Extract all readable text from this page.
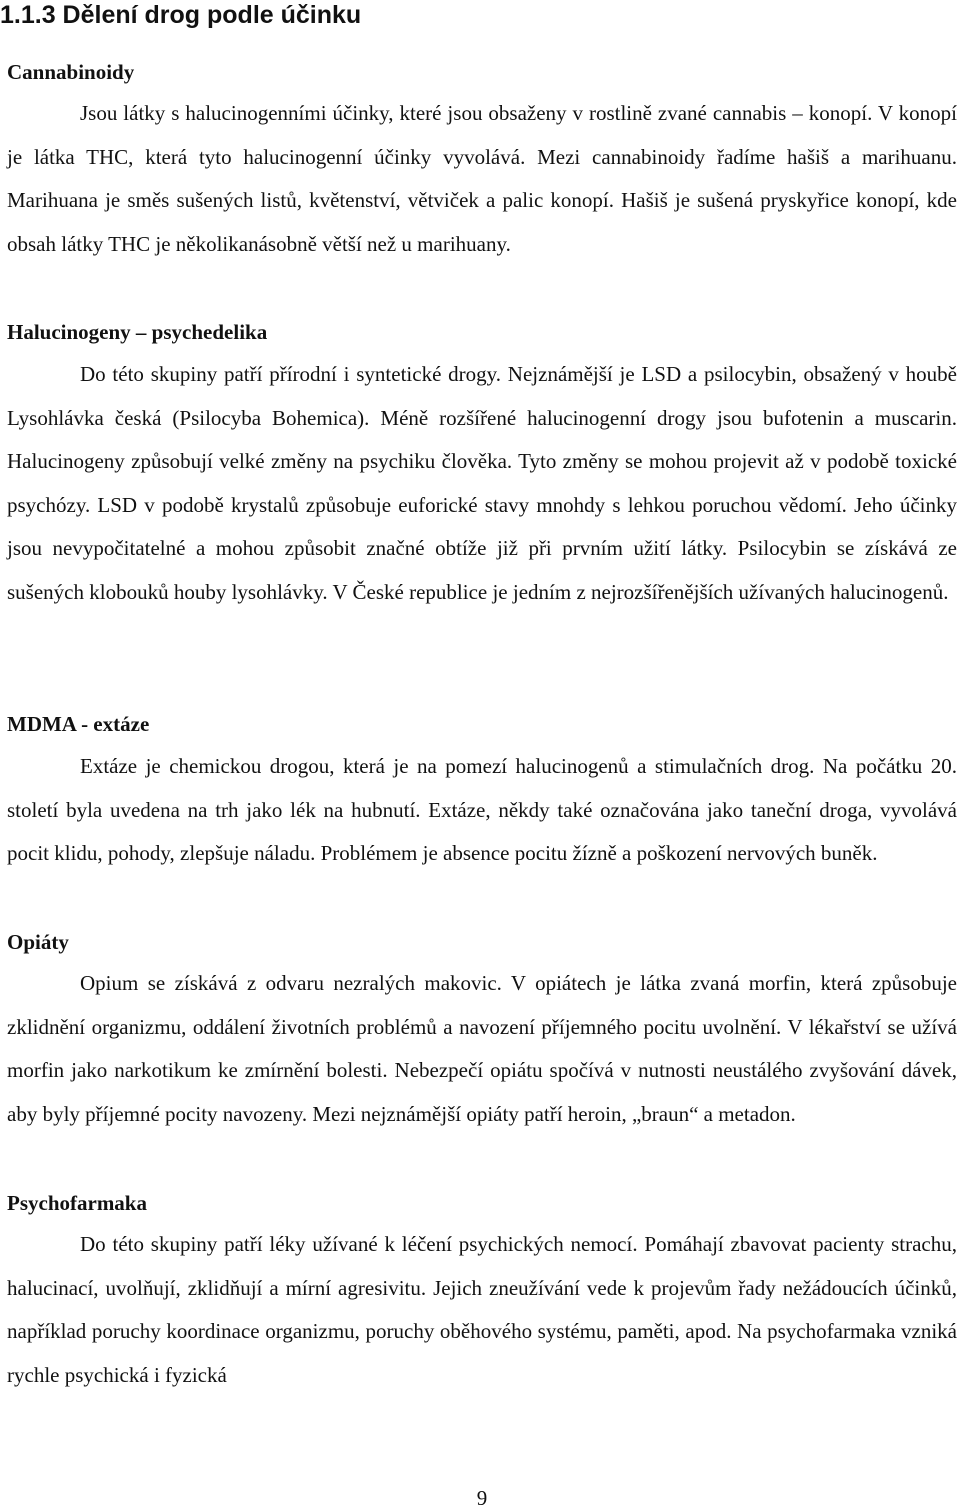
1.1.3 Dělení drog podle účinku
Cannabinoidy

Jsou látky s halucinogenními účinky, které jsou obsaženy v rostlině zvané cannabis – konopí. V konopí je látka THC, která tyto halucinogenní účinky vyvolává. Mezi cannabinoidy řadíme hašiš a marihuanu. Marihuana je směs sušených listů, květenství, větviček a palic konopí. Hašiš je sušená pryskyřice konopí, kde obsah látky THC je několikanásobně větší než u marihuany.

Halucinogeny – psychedelika

Do této skupiny patří přírodní i syntetické drogy. Nejznámější je LSD a psilocybin, obsažený v houbě Lysohlávka česká (Psilocyba Bohemica). Méně rozšířené halucinogenní drogy jsou bufotenin a muscarin. Halucinogeny způsobují velké změny na psychiku člověka. Tyto změny se mohou projevit až v podobě toxické psychózy. LSD v podobě krystalů způsobuje euforické stavy mnohdy s lehkou poruchou vědomí. Jeho účinky jsou nevypočitatelné a mohou způsobit značné obtíže již při prvním užití látky. Psilocybin se získává ze sušených klobouků houby lysohlávky. V České republice je jedním z nejrozšířenějších užívaných halucinogenů.

MDMA - extáze

Extáze je chemickou drogou, která je na pomezí halucinogenů a stimulačních drog. Na počátku 20. století byla uvedena na trh jako lék na hubnutí. Extáze, někdy také označována jako taneční droga, vyvolává pocit klidu, pohody, zlepšuje náladu. Problémem je absence pocitu žízně a poškození nervových buněk.

Opiáty

Opium se získává z odvaru nezralých makovic. V opiátech je látka zvaná morfin, která způsobuje zklidnění organizmu, oddálení životních problémů a navození příjemného pocitu uvolnění. V lékařství se užívá morfin jako narkotikum ke zmírnění bolesti. Nebezpečí opiátu spočívá v nutnosti neustálého zvyšování dávek, aby byly příjemné pocity navozeny. Mezi nejznámější opiáty patří heroin, „braun“ a metadon.

Psychofarmaka

Do této skupiny patří léky užívané k léčení psychických nemocí. Pomáhají zbavovat pacienty strachu, halucinací, uvolňují, zklidňují a mírní agresivitu. Jejich zneužívání vede k projevům řady nežádoucích účinků, například poruchy koordinace organizmu, poruchy oběhového systému, paměti, apod. Na psychofarmaka vzniká rychle psychická i fyzická

9
